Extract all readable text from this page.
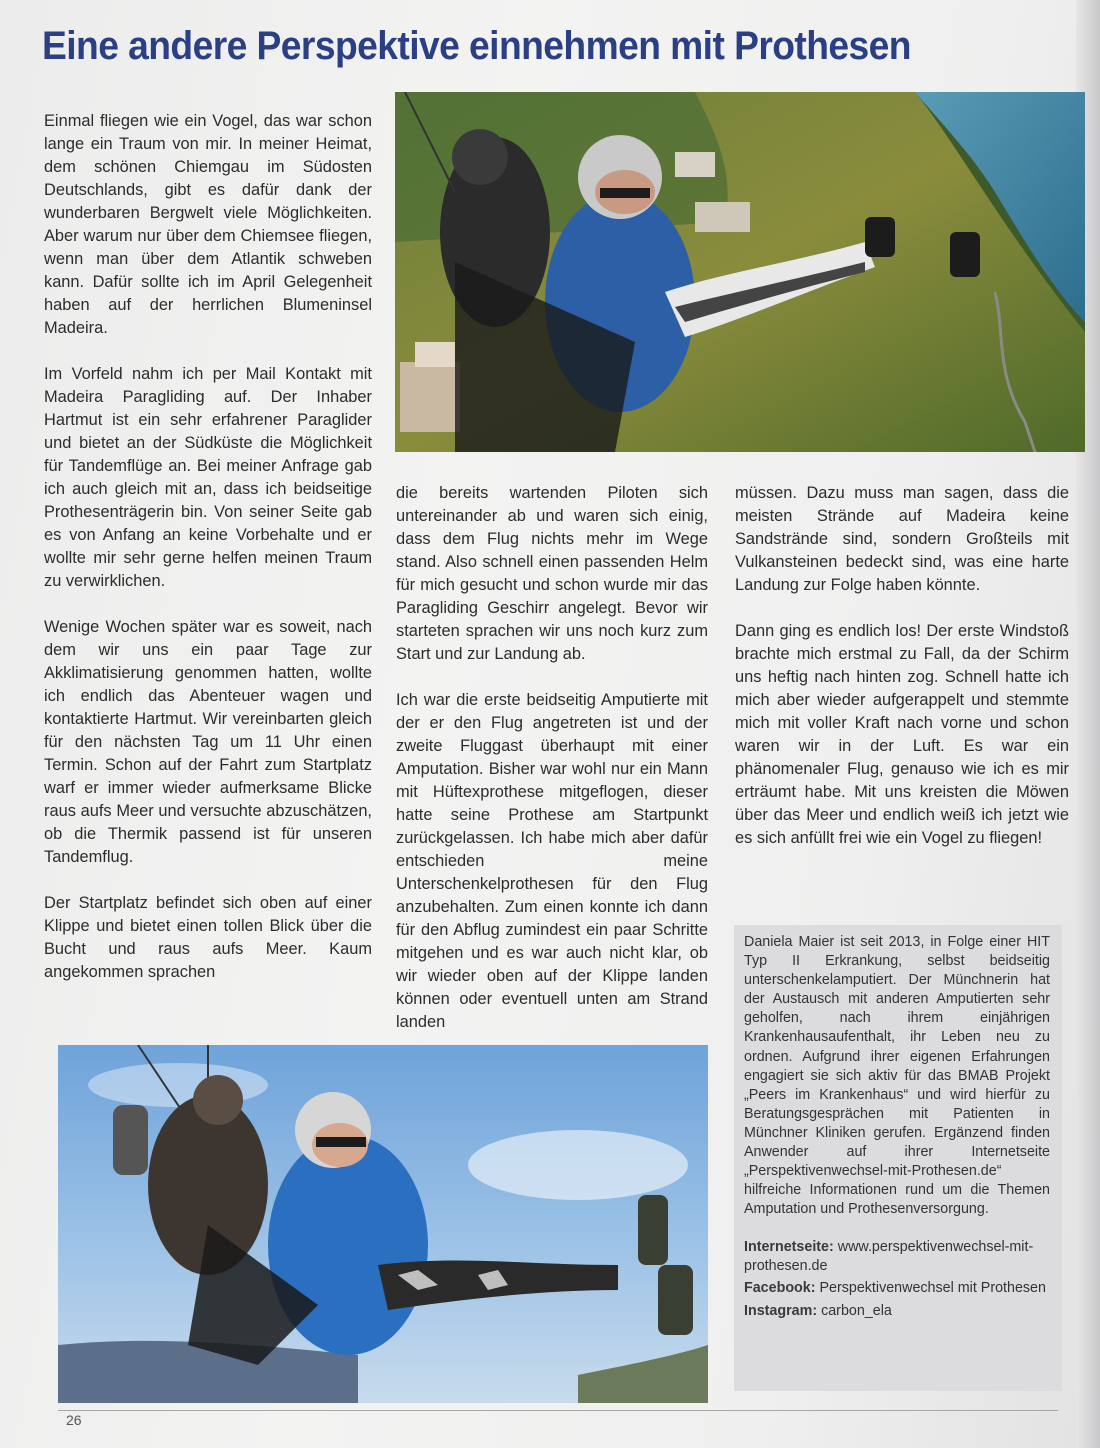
Eine andere Perspektive einnehmen mit Prothesen

Einmal fliegen wie ein Vogel, das war schon lange ein Traum von mir. In meiner Heimat, dem schönen Chiemgau im Südosten Deutschlands, gibt es dafür dank der wunderbaren Bergwelt viele Möglichkeiten. Aber warum nur über dem Chiemsee fliegen, wenn man über dem Atlantik schweben kann. Dafür sollte ich im April Gelegenheit haben auf der herrlichen Blumeninsel Madeira.

Im Vorfeld nahm ich per Mail Kontakt mit Madeira Paragliding auf. Der Inhaber Hartmut ist ein sehr erfahrener Paraglider und bietet an der Südküste die Möglichkeit für Tandemflüge an. Bei meiner Anfrage gab ich auch gleich mit an, dass ich beidseitige Prothesenträgerin bin. Von seiner Seite gab es von Anfang an keine Vorbehalte und er wollte mir sehr gerne helfen meinen Traum zu verwirklichen.

Wenige Wochen später war es soweit, nach dem wir uns ein paar Tage zur Akklimatisierung genommen hatten, wollte ich endlich das Abenteuer wagen und kontaktierte Hartmut. Wir vereinbarten gleich für den nächsten Tag um 11 Uhr einen Termin. Schon auf der Fahrt zum Startplatz warf er immer wieder aufmerksame Blicke raus aufs Meer und versuchte abzuschätzen, ob die Thermik passend ist für unseren Tandemflug.

Der Startplatz befindet sich oben auf einer Klippe und bietet einen tollen Blick über die Bucht und raus aufs Meer. Kaum angekommen sprachen

die bereits wartenden Piloten sich untereinander ab und waren sich einig, dass dem Flug nichts mehr im Wege stand. Also schnell einen passenden Helm für mich gesucht und schon wurde mir das Paragliding Geschirr angelegt. Bevor wir starteten sprachen wir uns noch kurz zum Start und zur Landung ab.

Ich war die erste beidseitig Amputierte mit der er den Flug angetreten ist und der zweite Fluggast überhaupt mit einer Amputation. Bisher war wohl nur ein Mann mit Hüftexprothese mitgeflogen, dieser hatte seine Prothese am Startpunkt zurückgelassen. Ich habe mich aber dafür entschieden meine Unterschenkelprothesen für den Flug anzubehalten. Zum einen konnte ich dann für den Abflug zumindest ein paar Schritte mitgehen und es war auch nicht klar, ob wir wieder oben auf der Klippe landen können oder eventuell unten am Strand landen

müssen. Dazu muss man sagen, dass die meisten Strände auf Madeira keine Sandstrände sind, sondern Großteils mit Vulkansteinen bedeckt sind, was eine harte Landung zur Folge haben könnte.

Dann ging es endlich los! Der erste Windstoß brachte mich erstmal zu Fall, da der Schirm uns heftig nach hinten zog. Schnell hatte ich mich aber wieder aufgerappelt und stemmte mich mit voller Kraft nach vorne und schon waren wir in der Luft. Es war ein phänomenaler Flug, genauso wie ich es mir erträumt habe. Mit uns kreisten die Möwen über das Meer und endlich weiß ich jetzt wie es sich anfüllt frei wie ein Vogel zu fliegen!

Daniela Maier ist seit 2013, in Folge einer HIT Typ II Erkrankung, selbst beidseitig unterschenkelamputiert. Der Münchnerin hat der Austausch mit anderen Amputierten sehr geholfen, nach ihrem einjährigen Krankenhausaufenthalt, ihr Leben neu zu ordnen. Aufgrund ihrer eigenen Erfahrungen engagiert sie sich aktiv für das BMAB Projekt „Peers im Krankenhaus“ und wird hierfür zu Beratungsgesprächen mit Patienten in Münchner Kliniken gerufen. Ergänzend finden Anwender auf ihrer Internetseite „Perspektivenwechsel-mit-Prothesen.de“ hilfreiche Informationen rund um die Themen Amputation und Prothesenversorgung.

Internetseite: www.perspektivenwechsel-mit-prothesen.de
Facebook: Perspektivenwechsel mit Prothesen
Instagram: carbon_ela
26
